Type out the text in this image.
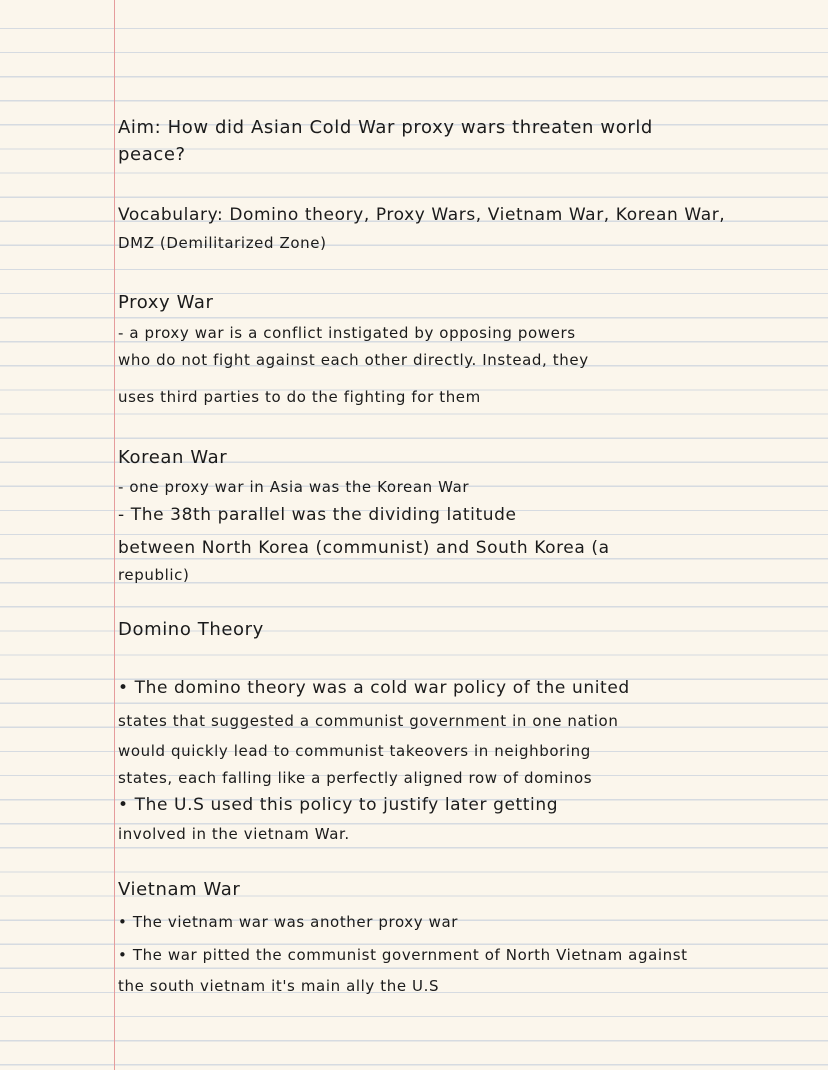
Aim: How did Asian Cold War proxy wars threaten world
peace?
Vocabulary: Domino theory, Proxy Wars, Vietnam War, Korean War,
DMZ (Demilitarized Zone)
Proxy War
- a proxy war is a conflict instigated by opposing powers
who do not fight against each other directly. Instead, they
uses third parties to do the fighting for them
Korean War
- one proxy war in Asia was the Korean War
- The 38th parallel was the dividing latitude
between North Korea (communist) and South Korea (a
republic)
Domino Theory
• The domino theory was a cold war policy of the united
states that suggested a communist government in one nation
would quickly lead to communist takeovers in neighboring
states, each falling like a perfectly aligned row of dominos
• The U.S used this policy to justify later getting
involved in the vietnam War.
Vietnam War
• The vietnam war was another proxy war
• The war pitted the communist government of North Vietnam against
the south vietnam it's main ally the U.S
